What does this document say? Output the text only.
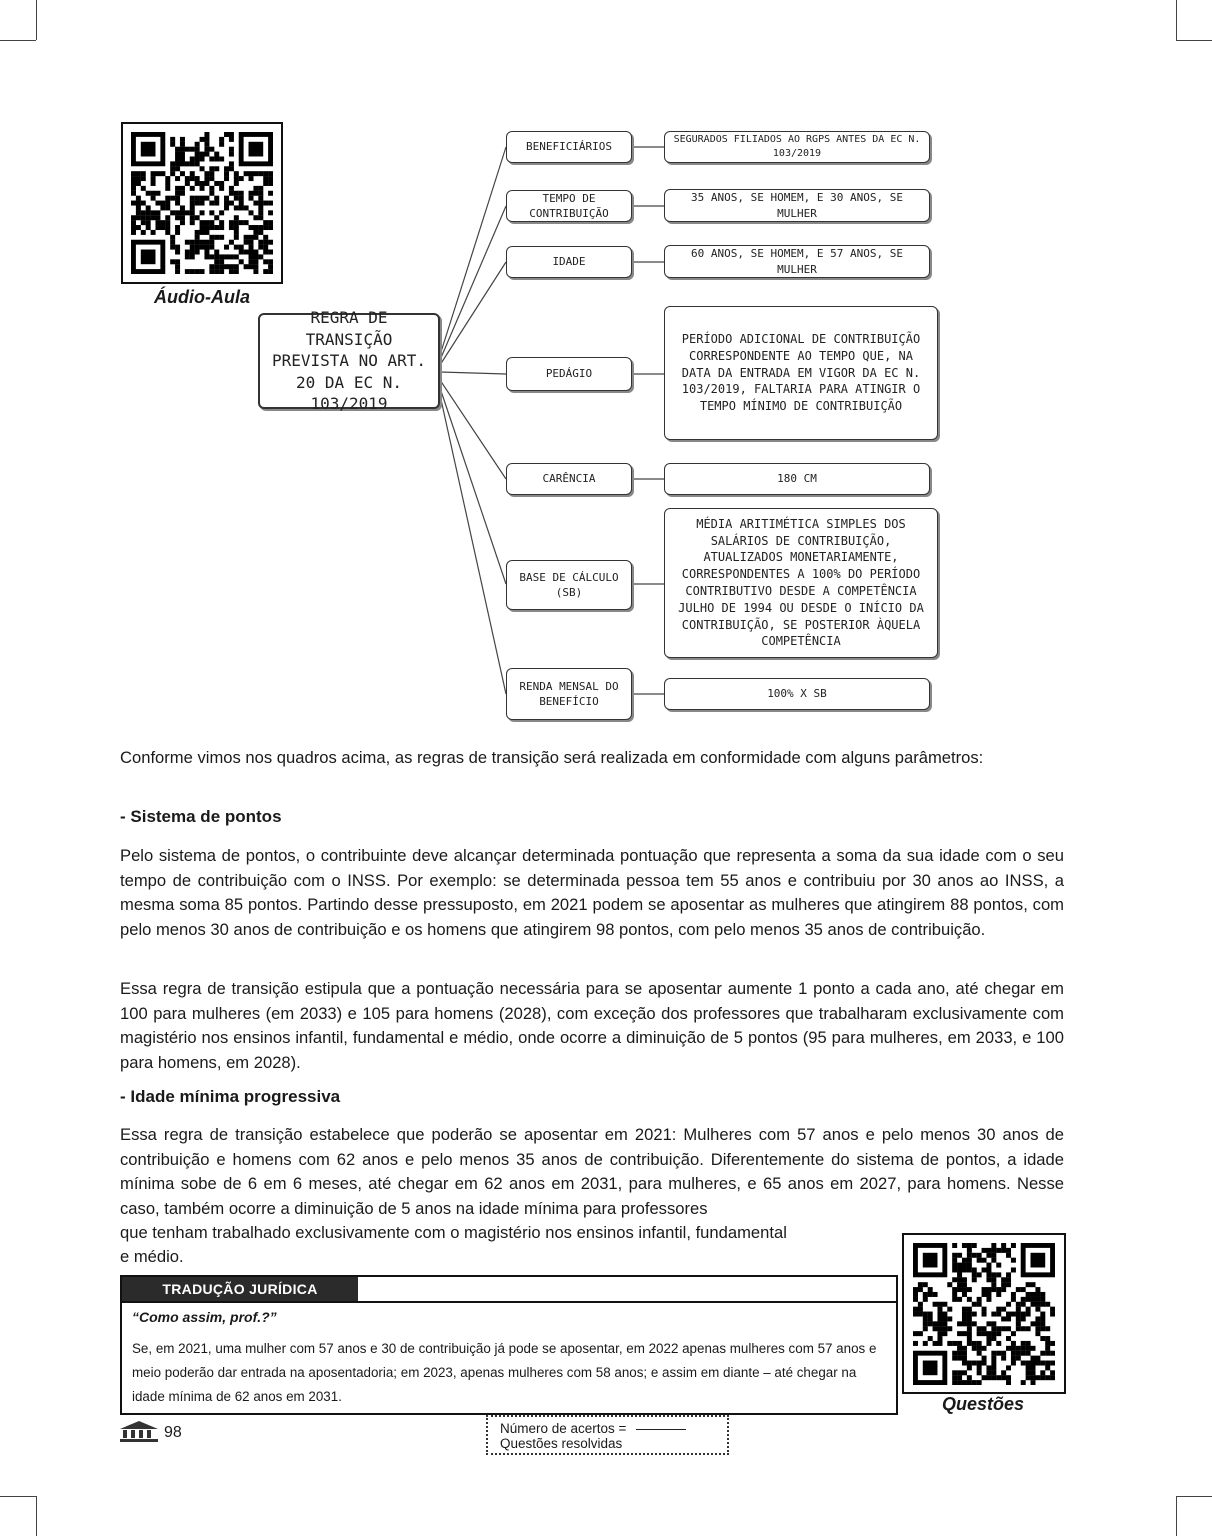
Áudio-Aula
REGRA DE TRANSIÇÃO PREVISTA NO ART. 20 DA EC N. 103/2019
BENEFICIÁRIOS
TEMPO DE CONTRIBUIÇÃO
IDADE
PEDÁGIO
CARÊNCIA
BASE DE CÁLCULO (SB)
RENDA MENSAL DO BENEFÍCIO
SEGURADOS FILIADOS AO RGPS ANTES DA EC N. 103/2019
35 ANOS, SE HOMEM, E 30 ANOS, SE MULHER
60 ANOS, SE HOMEM, E 57 ANOS, SE MULHER
PERÍODO ADICIONAL DE CONTRIBUIÇÃO CORRESPONDENTE AO TEMPO QUE, NA DATA DA ENTRADA EM VIGOR DA EC N. 103/2019, FALTARIA PARA ATINGIR O TEMPO MÍNIMO DE CONTRIBUIÇÃO
180 CM
MÉDIA ARITIMÉTICA SIMPLES DOS SALÁRIOS DE CONTRIBUIÇÃO, ATUALIZADOS MONETARIAMENTE, CORRESPONDENTES A 100% DO PERÍODO CONTRIBUTIVO DESDE A COMPETÊNCIA JULHO DE 1994 OU DESDE O INÍCIO DA CONTRIBUIÇÃO, SE POSTERIOR ÀQUELA COMPETÊNCIA
100% X SB

Conforme vimos nos quadros acima, as regras de transição será realizada em conformidade com alguns parâmetros:

- Sistema de pontos

Pelo sistema de pontos, o contribuinte deve alcançar determinada pontuação que representa a soma da sua idade com o seu tempo de contribuição com o INSS. Por exemplo: se determinada pessoa tem 55 anos e contribuiu por 30 anos ao INSS, a mesma soma 85 pontos. Partindo desse pressuposto, em 2021 podem se aposentar as mulheres que atingirem 88 pontos, com pelo menos 30 anos de contribuição e os homens que atingirem 98 pontos, com pelo menos 35 anos de contribuição.

Essa regra de transição estipula que a pontuação necessária para se aposentar aumente 1 ponto a cada ano, até chegar em 100 para mulheres (em 2033) e 105 para homens (2028), com exceção dos professores que trabalharam exclusivamente com magistério nos ensinos infantil, fundamental e médio, onde ocorre a diminuição de 5 pontos (95 para mulheres, em 2033, e 100 para homens, em 2028).

- Idade mínima progressiva

Essa regra de transição estabelece que poderão se aposentar em 2021: Mulheres com 57 anos e pelo menos 30 anos de contribuição e homens com 62 anos e pelo menos 35 anos de contribuição. Diferentemente do sistema de pontos, a idade mínima sobe de 6 em 6 meses, até chegar em 62 anos em 2031, para mulheres, e 65 anos em 2027, para homens. Nesse caso, também ocorre a diminuição de 5 anos na idade mínima para professores

que tenham trabalhado exclusivamente com o magistério nos ensinos infantil, fundamental

e médio.

TRADUÇÃO JURÍDICA
“Como assim, prof.?”
Se, em 2021, uma mulher com 57 anos e 30 de contribuição já pode se aposentar, em 2022 apenas mulheres com 57 anos e meio poderão dar entrada na aposentadoria; em 2023, apenas mulheres com 58 anos; e assim em diante – até chegar na idade mínima de 62 anos em 2031.	Questões
98	Número de acertos =
Questões resolvidas
